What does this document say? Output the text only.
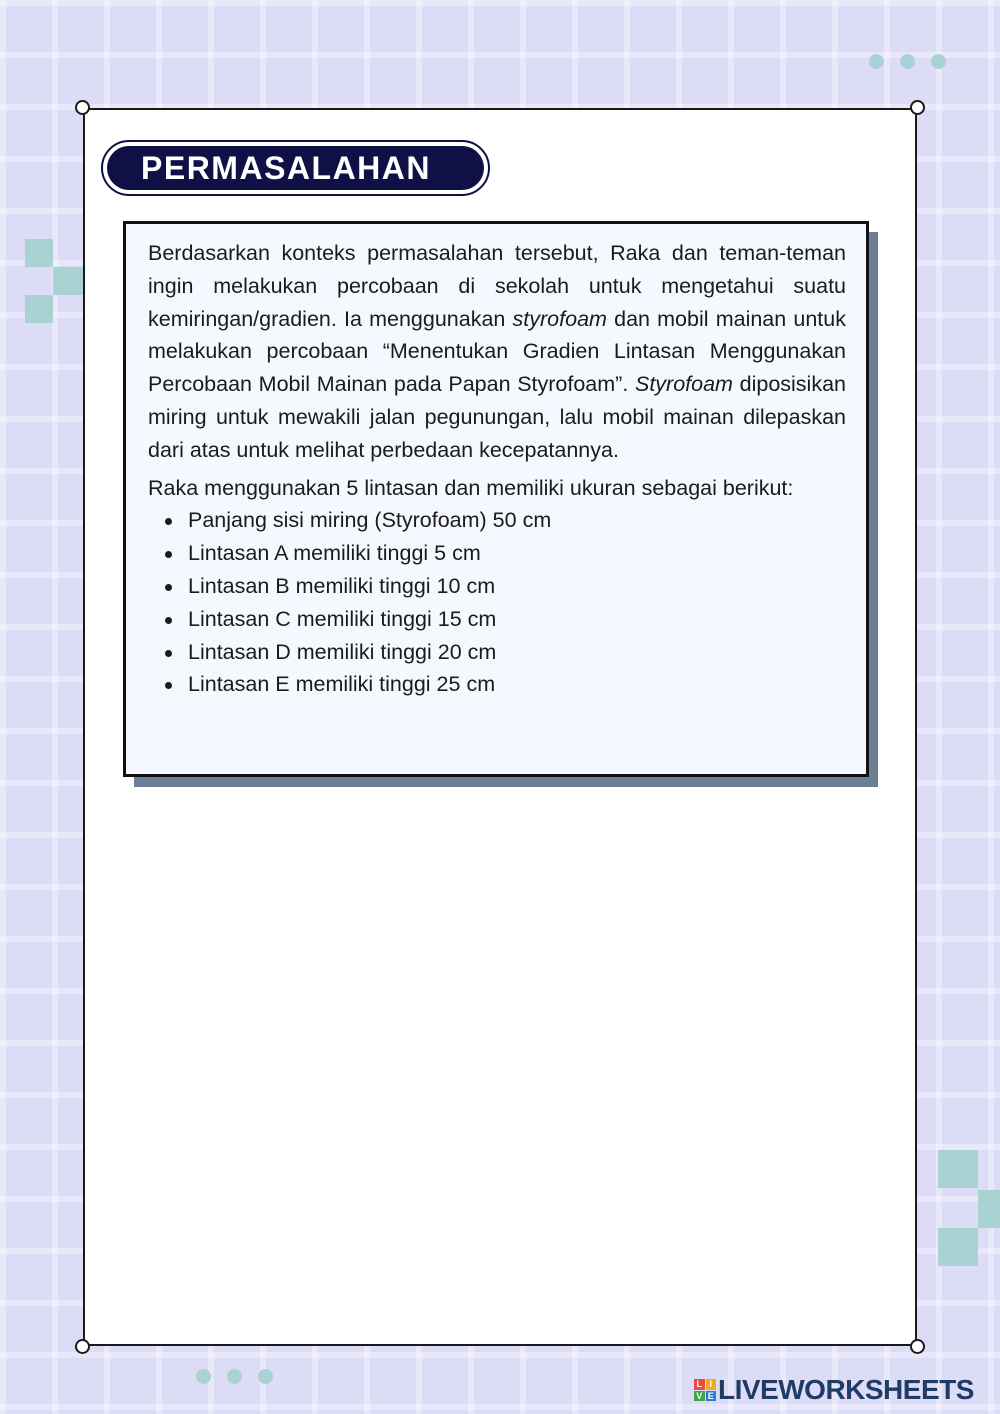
PERMASALAHAN

Berdasarkan konteks permasalahan tersebut, Raka dan teman-teman ingin melakukan percobaan di sekolah untuk mengetahui suatu kemiringan/gradien. Ia menggunakan styrofoam dan mobil mainan untuk melakukan percobaan “Menentukan Gradien Lintasan Menggunakan Percobaan Mobil Mainan pada Papan Styrofoam”. Styrofoam diposisikan miring untuk mewakili jalan pegunungan, lalu mobil mainan dilepaskan dari atas untuk melihat perbedaan kecepatannya.

Raka menggunakan 5 lintasan dan memiliki ukuran sebagai berikut:

Panjang sisi miring (Styrofoam) 50 cm
Lintasan A memiliki tinggi 5 cm
Lintasan B memiliki tinggi 10 cm
Lintasan C memiliki tinggi 15 cm
Lintasan D memiliki tinggi 20 cm
Lintasan E memiliki tinggi 25 cm
L I
V E LIVEWORKSHEETS
